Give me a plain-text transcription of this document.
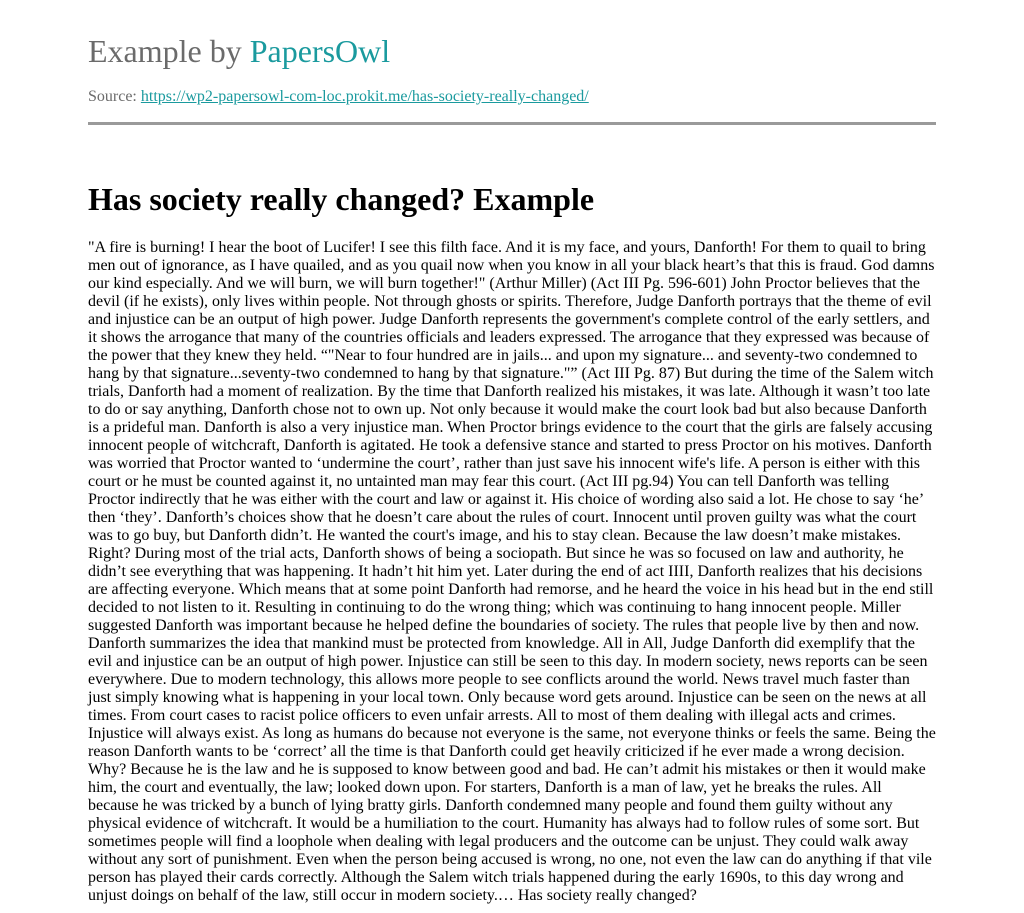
Example by PapersOwl
Source: https://wp2-papersowl-com-loc.prokit.me/has-society-really-changed/
Has society really changed? Example

"A fire is burning! I hear the boot of Lucifer! I see this filth face. And it is my face, and yours, Danforth! For them to quail to bring men out of ignorance, as I have quailed, and as you quail now when you know in all your black heart’s that this is fraud. God damns our kind especially. And we will burn, we will burn together!" (Arthur Miller) (Act III Pg. 596-601) John Proctor believes that the devil (if he exists), only lives within people. Not through ghosts or spirits. Therefore, Judge Danforth portrays that the theme of evil and injustice can be an output of high power. Judge Danforth represents the government's complete control of the early settlers, and it shows the arrogance that many of the countries officials and leaders expressed. The arrogance that they expressed was because of the power that they knew they held. “"Near to four hundred are in jails... and upon my signature... and seventy-two condemned to hang by that signature...seventy-two condemned to hang by that signature."” (Act III Pg. 87) But during the time of the Salem witch trials, Danforth had a moment of realization. By the time that Danforth realized his mistakes, it was late. Although it wasn’t too late to do or say anything, Danforth chose not to own up. Not only because it would make the court look bad but also because Danforth is a prideful man. Danforth is also a very injustice man. When Proctor brings evidence to the court that the girls are falsely accusing innocent people of witchcraft, Danforth is agitated. He took a defensive stance and started to press Proctor on his motives. Danforth was worried that Proctor wanted to ‘undermine the court’, rather than just save his innocent wife's life. A person is either with this court or he must be counted against it, no untainted man may fear this court. (Act III pg.94) You can tell Danforth was telling Proctor indirectly that he was either with the court and law or against it. His choice of wording also said a lot. He chose to say ‘he’ then ‘they’. Danforth’s choices show that he doesn’t care about the rules of court. Innocent until proven guilty was what the court was to go buy, but Danforth didn’t. He wanted the court's image, and his to stay clean. Because the law doesn’t make mistakes. Right? During most of the trial acts, Danforth shows of being a sociopath. But since he was so focused on law and authority, he didn’t see everything that was happening. It hadn’t hit him yet. Later during the end of act IIII, Danforth realizes that his decisions are affecting everyone. Which means that at some point Danforth had remorse, and he heard the voice in his head but in the end still decided to not listen to it. Resulting in continuing to do the wrong thing; which was continuing to hang innocent people. Miller suggested Danforth was important because he helped define the boundaries of society. The rules that people live by then and now. Danforth summarizes the idea that mankind must be protected from knowledge. All in All, Judge Danforth did exemplify that the evil and injustice can be an output of high power. Injustice can still be seen to this day. In modern society, news reports can be seen everywhere. Due to modern technology, this allows more people to see conflicts around the world. News travel much faster than just simply knowing what is happening in your local town. Only because word gets around. Injustice can be seen on the news at all times. From court cases to racist police officers to even unfair arrests. All to most of them dealing with illegal acts and crimes. Injustice will always exist. As long as humans do because not everyone is the same, not everyone thinks or feels the same. Being the reason Danforth wants to be ‘correct’ all the time is that Danforth could get heavily criticized if he ever made a wrong decision. Why? Because he is the law and he is supposed to know between good and bad. He can’t admit his mistakes or then it would make him, the court and eventually, the law; looked down upon. For starters, Danforth is a man of law, yet he breaks the rules. All because he was tricked by a bunch of lying bratty girls. Danforth condemned many people and found them guilty without any physical evidence of witchcraft. It would be a humiliation to the court. Humanity has always had to follow rules of some sort. But sometimes people will find a loophole when dealing with legal producers and the outcome can be unjust. They could walk away without any sort of punishment. Even when the person being accused is wrong, no one, not even the law can do anything if that vile person has played their cards correctly. Although the Salem witch trials happened during the early 1690s, to this day wrong and unjust doings on behalf of the law, still occur in modern society.… Has society really changed?
